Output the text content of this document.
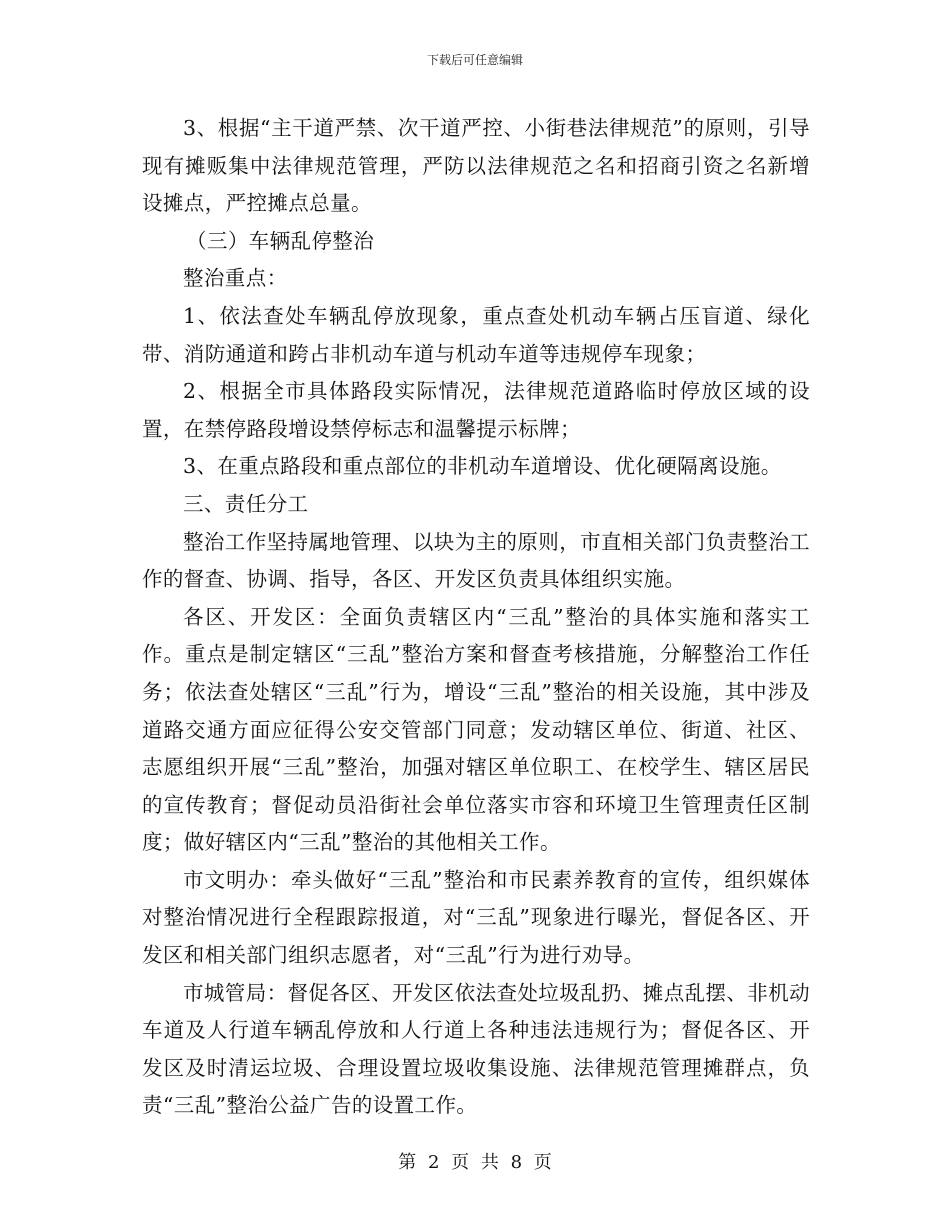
下载后可任意编辑

3、根据“主干道严禁、次干道严控、小街巷法律规范”的原则，引导现有摊贩集中法律规范管理，严防以法律规范之名和招商引资之名新增设摊点，严控摊点总量。

（三）车辆乱停整治

整治重点：

1、依法查处车辆乱停放现象，重点查处机动车辆占压盲道、绿化带、消防通道和跨占非机动车道与机动车道等违规停车现象；

2、根据全市具体路段实际情况，法律规范道路临时停放区域的设置，在禁停路段增设禁停标志和温馨提示标牌；

3、在重点路段和重点部位的非机动车道增设、优化硬隔离设施。

三、责任分工

整治工作坚持属地管理、以块为主的原则，市直相关部门负责整治工作的督查、协调、指导，各区、开发区负责具体组织实施。

各区、开发区：全面负责辖区内“三乱”整治的具体实施和落实工作。重点是制定辖区“三乱”整治方案和督查考核措施，分解整治工作任务；依法查处辖区“三乱”行为，增设“三乱”整治的相关设施，其中涉及道路交通方面应征得公安交管部门同意；发动辖区单位、街道、社区、志愿组织开展“三乱”整治，加强对辖区单位职工、在校学生、辖区居民的宣传教育；督促动员沿街社会单位落实市容和环境卫生管理责任区制度；做好辖区内“三乱”整治的其他相关工作。

市文明办：牵头做好“三乱”整治和市民素养教育的宣传，组织媒体对整治情况进行全程跟踪报道，对“三乱”现象进行曝光，督促各区、开发区和相关部门组织志愿者，对“三乱”行为进行劝导。

市城管局：督促各区、开发区依法查处垃圾乱扔、摊点乱摆、非机动车道及人行道车辆乱停放和人行道上各种违法违规行为；督促各区、开发区及时清运垃圾、合理设置垃圾收集设施、法律规范管理摊群点，负责“三乱”整治公益广告的设置工作。

第 2 页 共 8 页
